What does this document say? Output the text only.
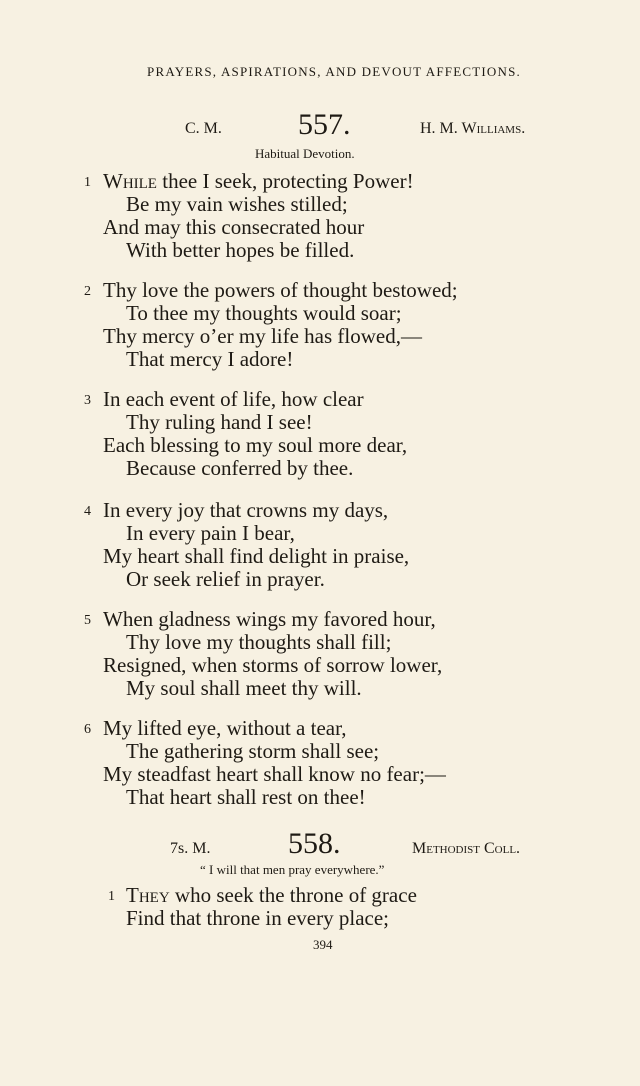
PRAYERS, ASPIRATIONS, AND DEVOUT AFFECTIONS.
C. M.	557.	H. M. Williams.
Habitual Devotion.
1 While thee I seek, protecting Power!
Be my vain wishes stilled;
And may this consecrated hour
With better hopes be filled.
2 Thy love the powers of thought bestowed;
To thee my thoughts would soar;
Thy mercy o’er my life has flowed,—
That mercy I adore!
3 In each event of life, how clear
Thy ruling hand I see!
Each blessing to my soul more dear,
Because conferred by thee.
4 In every joy that crowns my days,
In every pain I bear,
My heart shall find delight in praise,
Or seek relief in prayer.
5 When gladness wings my favored hour,
Thy love my thoughts shall fill;
Resigned, when storms of sorrow lower,
My soul shall meet thy will.
6 My lifted eye, without a tear,
The gathering storm shall see;
My steadfast heart shall know no fear;—
That heart shall rest on thee!
7s. M.	558.	Methodist Coll.
“ I will that men pray everywhere.”
1 They who seek the throne of grace
Find that throne in every place;
394
